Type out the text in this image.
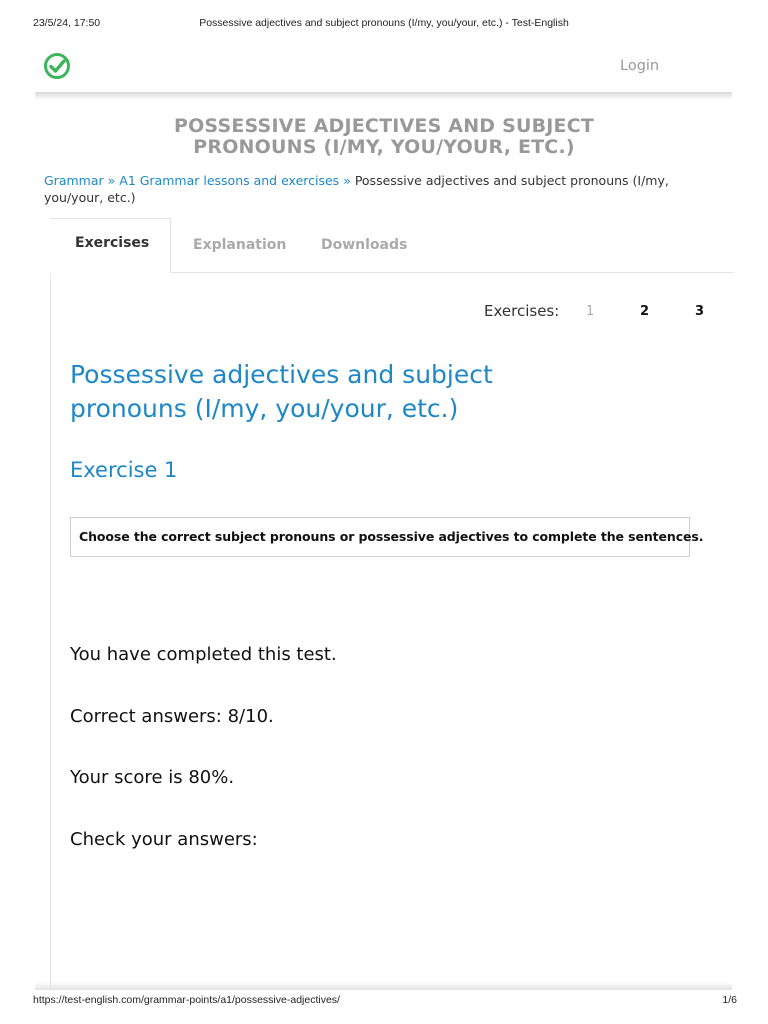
23/5/24, 17:50	Possessive adjectives and subject pronouns (I/my, you/your, etc.) - Test-English
Login
POSSESSIVE ADJECTIVES AND SUBJECT
PRONOUNS (I/MY, YOU/YOUR, ETC.)
Grammar » A1 Grammar lessons and exercises » Possessive adjectives and subject pronouns (I/my, you/your, etc.)
Exercises	Explanation Downloads
Exercises: 1	2	3
Possessive adjectives and subject
pronouns (I/my, you/your, etc.)
Exercise 1
Choose the correct subject pronouns or possessive adjectives to complete the sentences.
You have completed this test.
Correct answers: 8/10.
Your score is 80%.
Check your answers:
https://test-english.com/grammar-points/a1/possessive-adjectives/	1/6
